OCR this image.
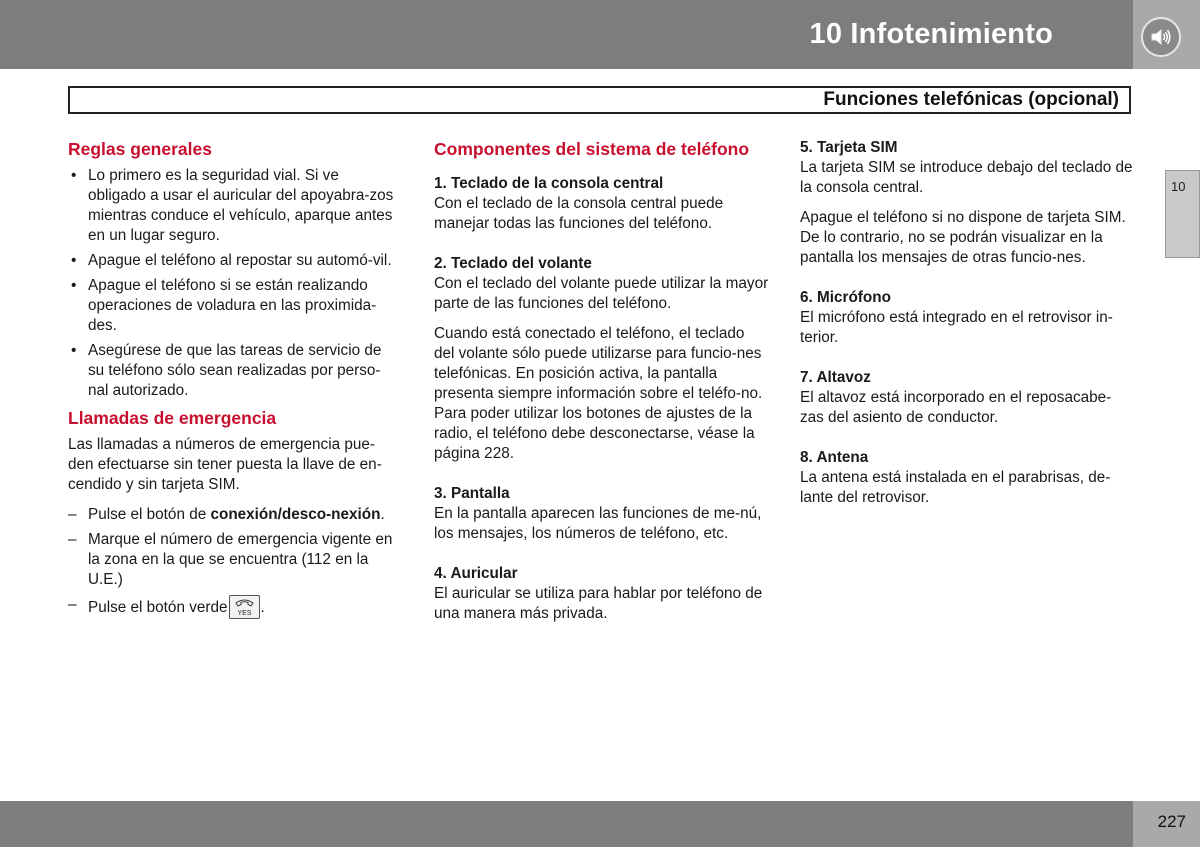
10 Infotenimiento
Funciones telefónicas (opcional)
10
Reglas generales
• Lo primero es la seguridad vial. Si ve obligado a usar el auricular del apoyabra-zos mientras conduce el vehículo, aparque antes en un lugar seguro.
• Apague el teléfono al repostar su automó-vil.
• Apague el teléfono si se están realizando operaciones de voladura en las proximida-des.
• Asegúrese de que las tareas de servicio de su teléfono sólo sean realizadas por perso-nal autorizado.
Llamadas de emergencia

Las llamadas a números de emergencia pue-den efectuarse sin tener puesta la llave de en-cendido y sin tarjeta SIM.

– Pulse el botón de conexión/desco-nexión.
– Marque el número de emergencia vigente en la zona en la que se encuentra (112 en la U.E.)
– Pulse el botón verde YES .
Componentes del sistema de teléfono
1. Teclado de la consola central

Con el teclado de la consola central puede manejar todas las funciones del teléfono.

2. Teclado del volante

Con el teclado del volante puede utilizar la mayor parte de las funciones del teléfono.

Cuando está conectado el teléfono, el teclado del volante sólo puede utilizarse para funcio-nes telefónicas. En posición activa, la pantalla presenta siempre información sobre el teléfo-no. Para poder utilizar los botones de ajustes de la radio, el teléfono debe desconectarse, véase la página 228.

3. Pantalla

En la pantalla aparecen las funciones de me-nú, los mensajes, los números de teléfono, etc.

4. Auricular

El auricular se utiliza para hablar por teléfono de una manera más privada.

5. Tarjeta SIM

La tarjeta SIM se introduce debajo del teclado de la consola central.

Apague el teléfono si no dispone de tarjeta SIM. De lo contrario, no se podrán visualizar en la pantalla los mensajes de otras funcio-nes.

6. Micrófono

El micrófono está integrado en el retrovisor in-terior.

7. Altavoz

El altavoz está incorporado en el reposacabe-zas del asiento de conductor.

8. Antena

La antena está instalada en el parabrisas, de-lante del retrovisor.

227
